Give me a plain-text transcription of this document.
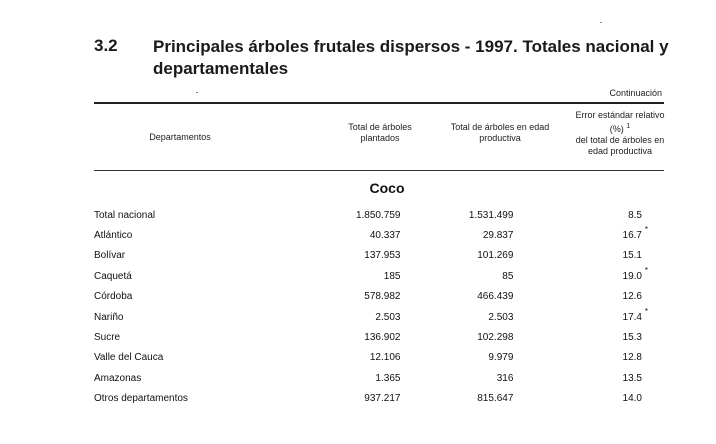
3.2 Principales árboles frutales dispersos - 1997. Totales nacional y departamentales
Continuación
Departamentos
Total de árboles plantados
Total de árboles en edad productiva
Error estándar relativo (%) $^1$
del total de árboles en edad productiva
Coco
Total nacional	1.850.759	1.531.499	8.5

Atlántico	40.337	29.837	16.7
*

Bolívar	137.953	101.269	15.1

Caquetá	185	85	19.0
*

Córdoba	578.982	466.439	12.6

Nariño	2.503	2.503	17.4
*

Sucre	136.902	102.298	15.3

Valle del Cauca	12.106	9.979	12.8

Amazonas	1.365	316	13.5

Otros departamentos	937.217	815.647	14.0
